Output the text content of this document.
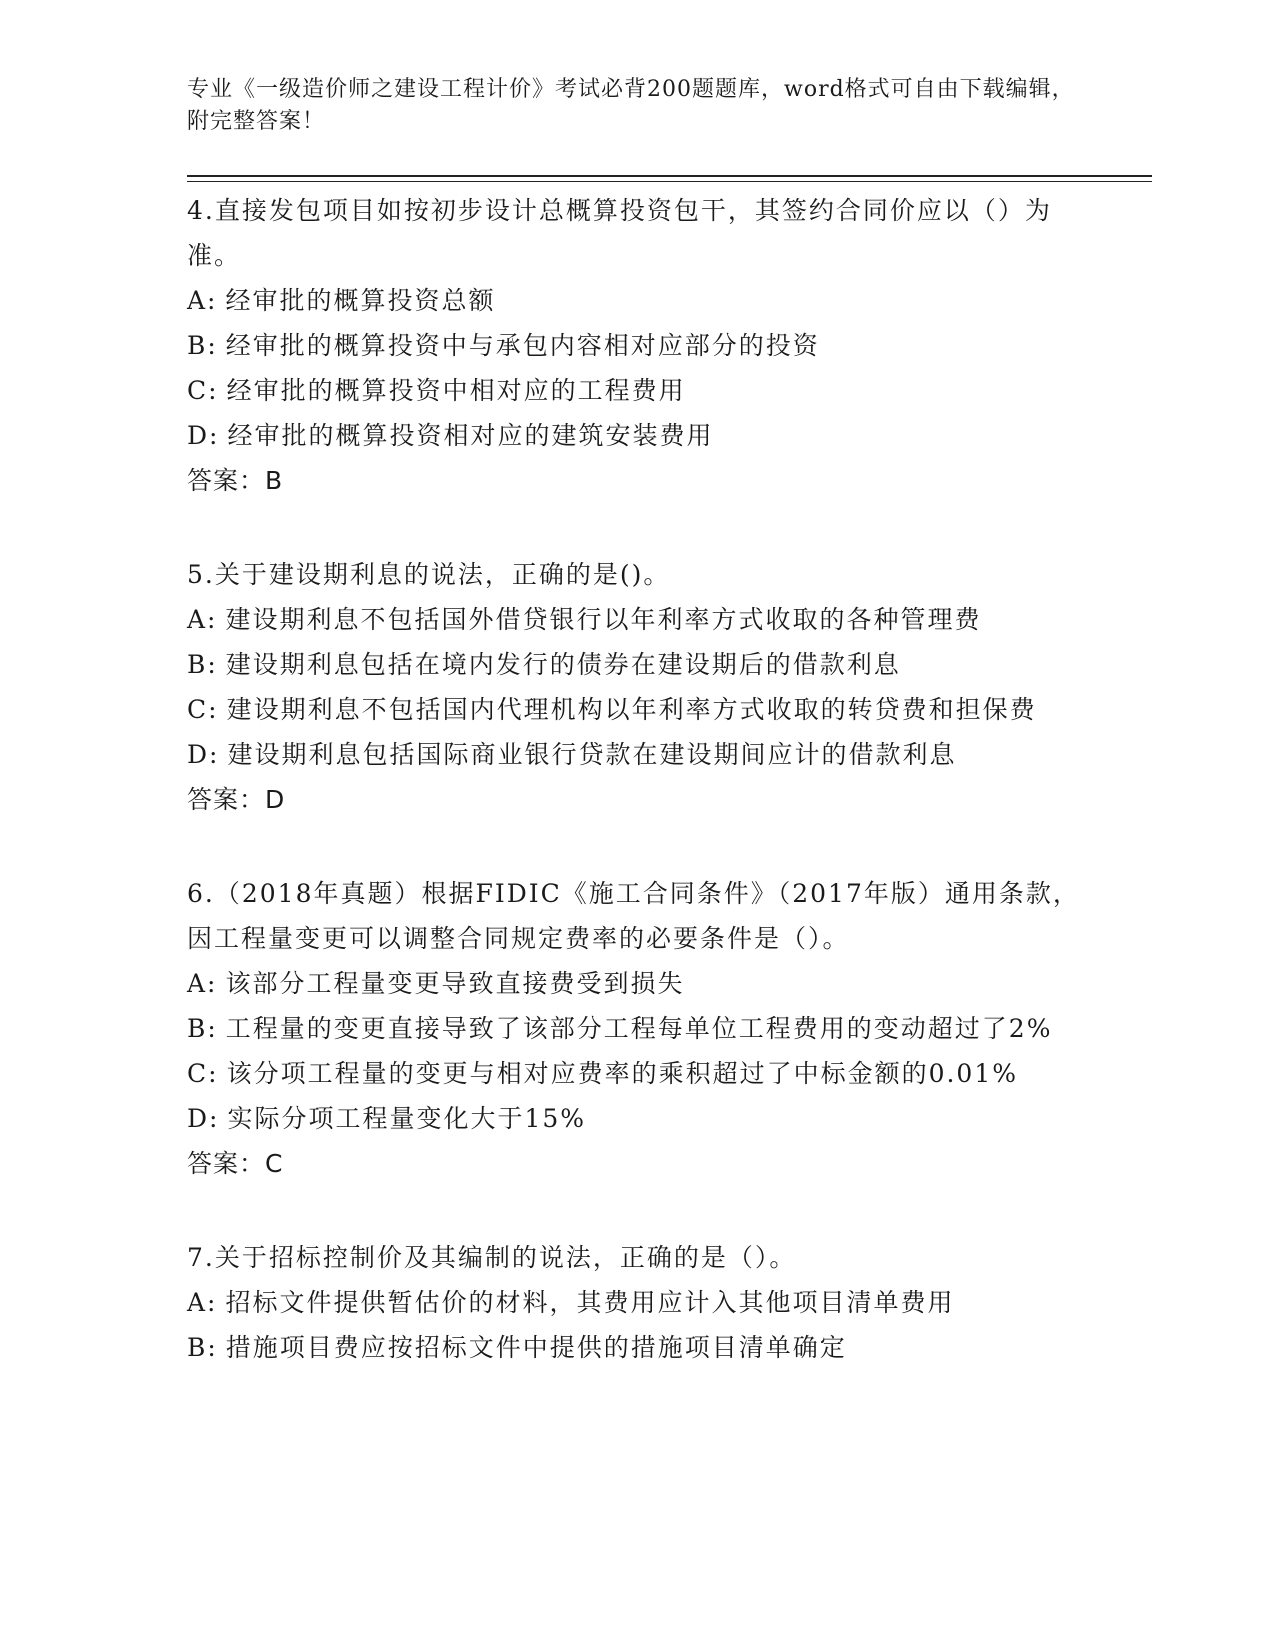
专业《一级造价师之建设工程计价》考试必背200题题库，word格式可自由下载编辑，附完整答案！
4.直接发包项目如按初步设计总概算投资包干，其签约合同价应以（）为准。
A: 经审批的概算投资总额
B: 经审批的概算投资中与承包内容相对应部分的投资
C: 经审批的概算投资中相对应的工程费用
D: 经审批的概算投资相对应的建筑安装费用
答案：B
5.关于建设期利息的说法，正确的是()。
A: 建设期利息不包括国外借贷银行以年利率方式收取的各种管理费
B: 建设期利息包括在境内发行的债券在建设期后的借款利息
C: 建设期利息不包括国内代理机构以年利率方式收取的转贷费和担保费
D: 建设期利息包括国际商业银行贷款在建设期间应计的借款利息
答案：D
6.（2018年真题）根据FIDIC《施工合同条件》（2017年版）通用条款，因工程量变更可以调整合同规定费率的必要条件是（）。
A: 该部分工程量变更导致直接费受到损失
B: 工程量的变更直接导致了该部分工程每单位工程费用的变动超过了2%
C: 该分项工程量的变更与相对应费率的乘积超过了中标金额的0.01%
D: 实际分项工程量变化大于15%
答案：C
7.关于招标控制价及其编制的说法，正确的是（）。
A: 招标文件提供暂估价的材料，其费用应计入其他项目清单费用
B: 措施项目费应按招标文件中提供的措施项目清单确定
